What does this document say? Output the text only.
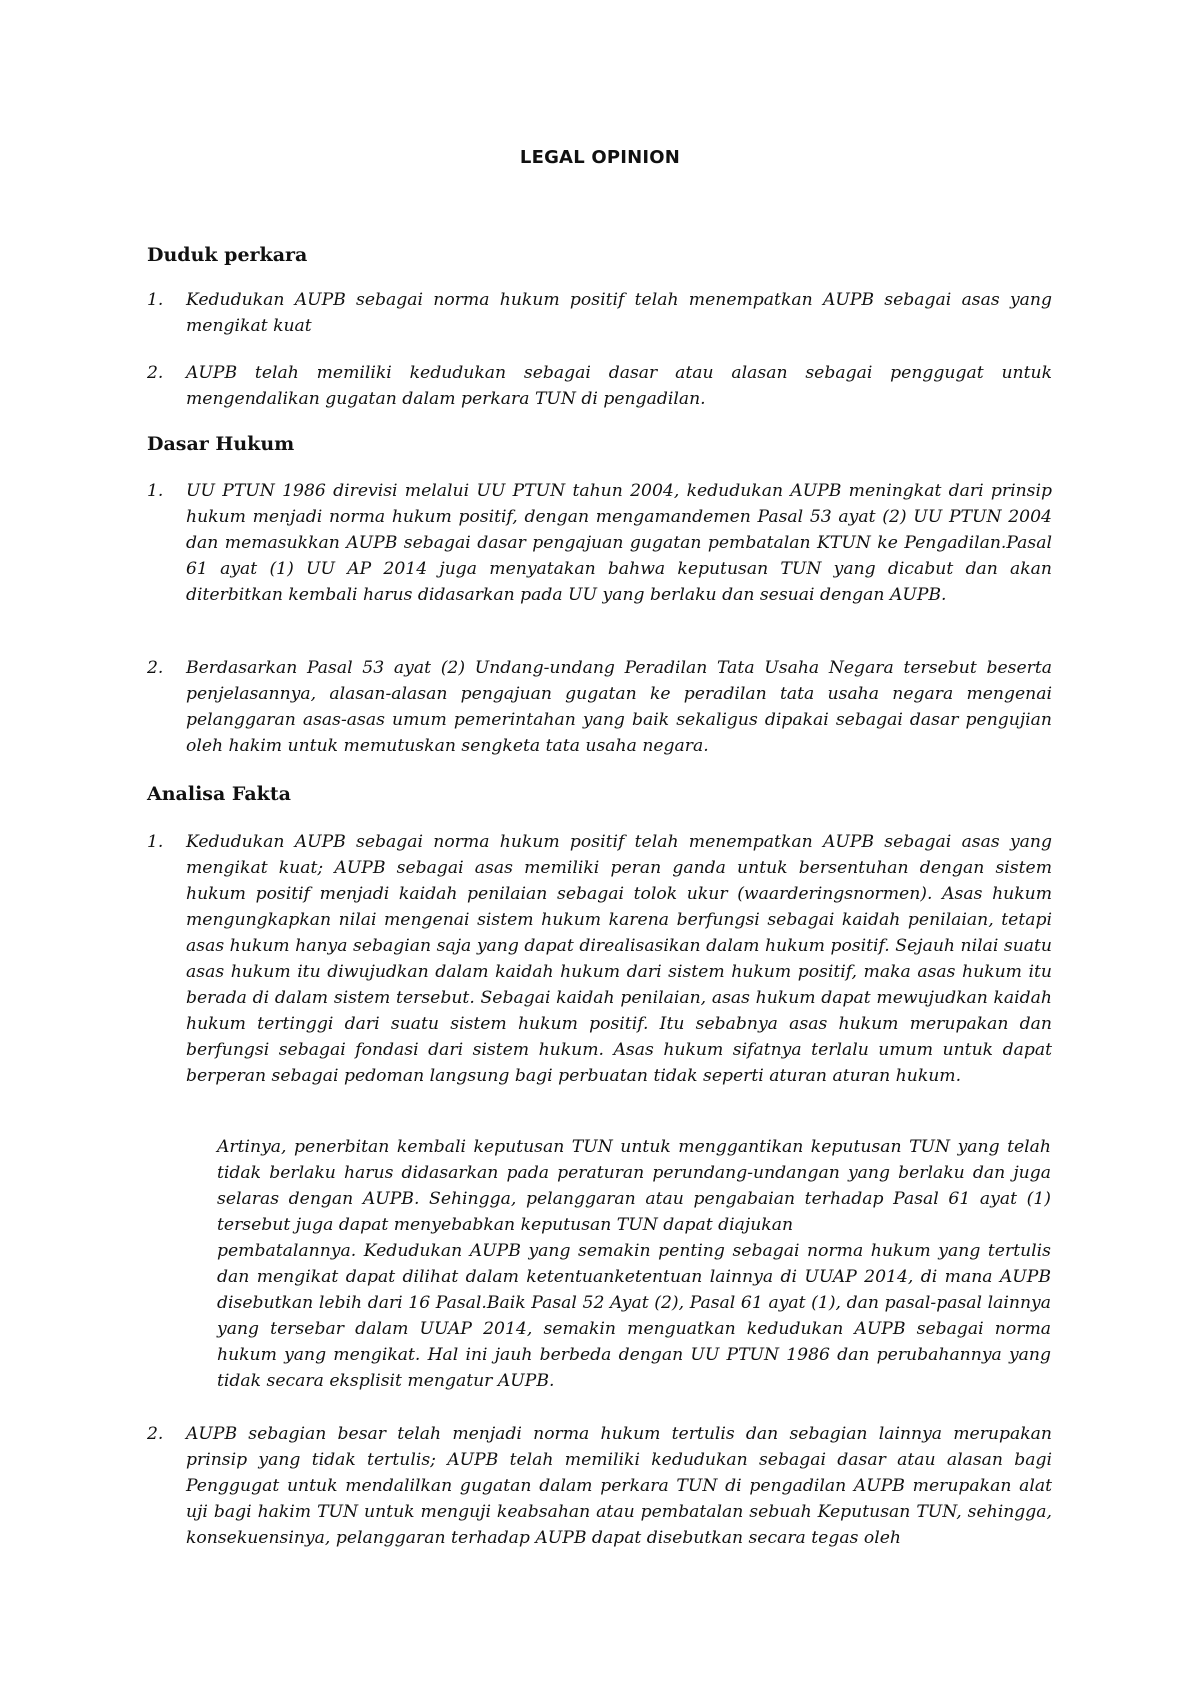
LEGAL OPINION
Duduk perkara
1. Kedudukan AUPB sebagai norma hukum positif telah menempatkan AUPB sebagai asas yang mengikat kuat
2. AUPB telah memiliki kedudukan sebagai dasar atau alasan sebagai penggugat untuk mengendalikan gugatan dalam perkara TUN di pengadilan.
Dasar Hukum
1. UU PTUN 1986 direvisi melalui UU PTUN tahun 2004, kedudukan AUPB meningkat dari prinsip hukum menjadi norma hukum positif, dengan mengamandemen Pasal 53 ayat (2) UU PTUN 2004 dan memasukkan AUPB sebagai dasar pengajuan gugatan pembatalan KTUN ke Pengadilan.Pasal 61 ayat (1) UU AP 2014 juga menyatakan bahwa keputusan TUN yang dicabut dan akan diterbitkan kembali harus didasarkan pada UU yang berlaku dan sesuai dengan AUPB.
2. Berdasarkan Pasal 53 ayat (2) Undang-undang Peradilan Tata Usaha Negara tersebut beserta penjelasannya, alasan-alasan pengajuan gugatan ke peradilan tata usaha negara mengenai pelanggaran asas-asas umum pemerintahan yang baik sekaligus dipakai sebagai dasar pengujian oleh hakim untuk memutuskan sengketa tata usaha negara.
Analisa Fakta
1. Kedudukan AUPB sebagai norma hukum positif telah menempatkan AUPB sebagai asas yang mengikat kuat; AUPB sebagai asas memiliki peran ganda untuk bersentuhan dengan sistem hukum positif menjadi kaidah penilaian sebagai tolok ukur (waarderingsnormen). Asas hukum mengungkapkan nilai mengenai sistem hukum karena berfungsi sebagai kaidah penilaian, tetapi asas hukum hanya sebagian saja yang dapat direalisasikan dalam hukum positif. Sejauh nilai suatu asas hukum itu diwujudkan dalam kaidah hukum dari sistem hukum positif, maka asas hukum itu berada di dalam sistem tersebut. Sebagai kaidah penilaian, asas hukum dapat mewujudkan kaidah hukum tertinggi dari suatu sistem hukum positif. Itu sebabnya asas hukum merupakan dan berfungsi sebagai fondasi dari sistem hukum. Asas hukum sifatnya terlalu umum untuk dapat berperan sebagai pedoman langsung bagi perbuatan tidak seperti aturan aturan hukum.

Artinya, penerbitan kembali keputusan TUN untuk menggantikan keputusan TUN yang telah tidak berlaku harus didasarkan pada peraturan perundang-undangan yang berlaku dan juga selaras dengan AUPB. Sehingga, pelanggaran atau pengabaian terhadap Pasal 61 ayat (1) tersebut juga dapat menyebabkan keputusan TUN dapat diajukan

pembatalannya. Kedudukan AUPB yang semakin penting sebagai norma hukum yang tertulis dan mengikat dapat dilihat dalam ketentuanketentuan lainnya di UUAP 2014, di mana AUPB disebutkan lebih dari 16 Pasal.Baik Pasal 52 Ayat (2), Pasal 61 ayat (1), dan pasal-pasal lainnya yang tersebar dalam UUAP 2014, semakin menguatkan kedudukan AUPB sebagai norma hukum yang mengikat. Hal ini jauh berbeda dengan UU PTUN 1986 dan perubahannya yang tidak secara eksplisit mengatur AUPB.

2. AUPB sebagian besar telah menjadi norma hukum tertulis dan sebagian lainnya merupakan prinsip yang tidak tertulis; AUPB telah memiliki kedudukan sebagai dasar atau alasan bagi Penggugat untuk mendalilkan gugatan dalam perkara TUN di pengadilan AUPB merupakan alat uji bagi hakim TUN untuk menguji keabsahan atau pembatalan sebuah Keputusan TUN, sehingga, konsekuensinya, pelanggaran terhadap AUPB dapat disebutkan secara tegas oleh
